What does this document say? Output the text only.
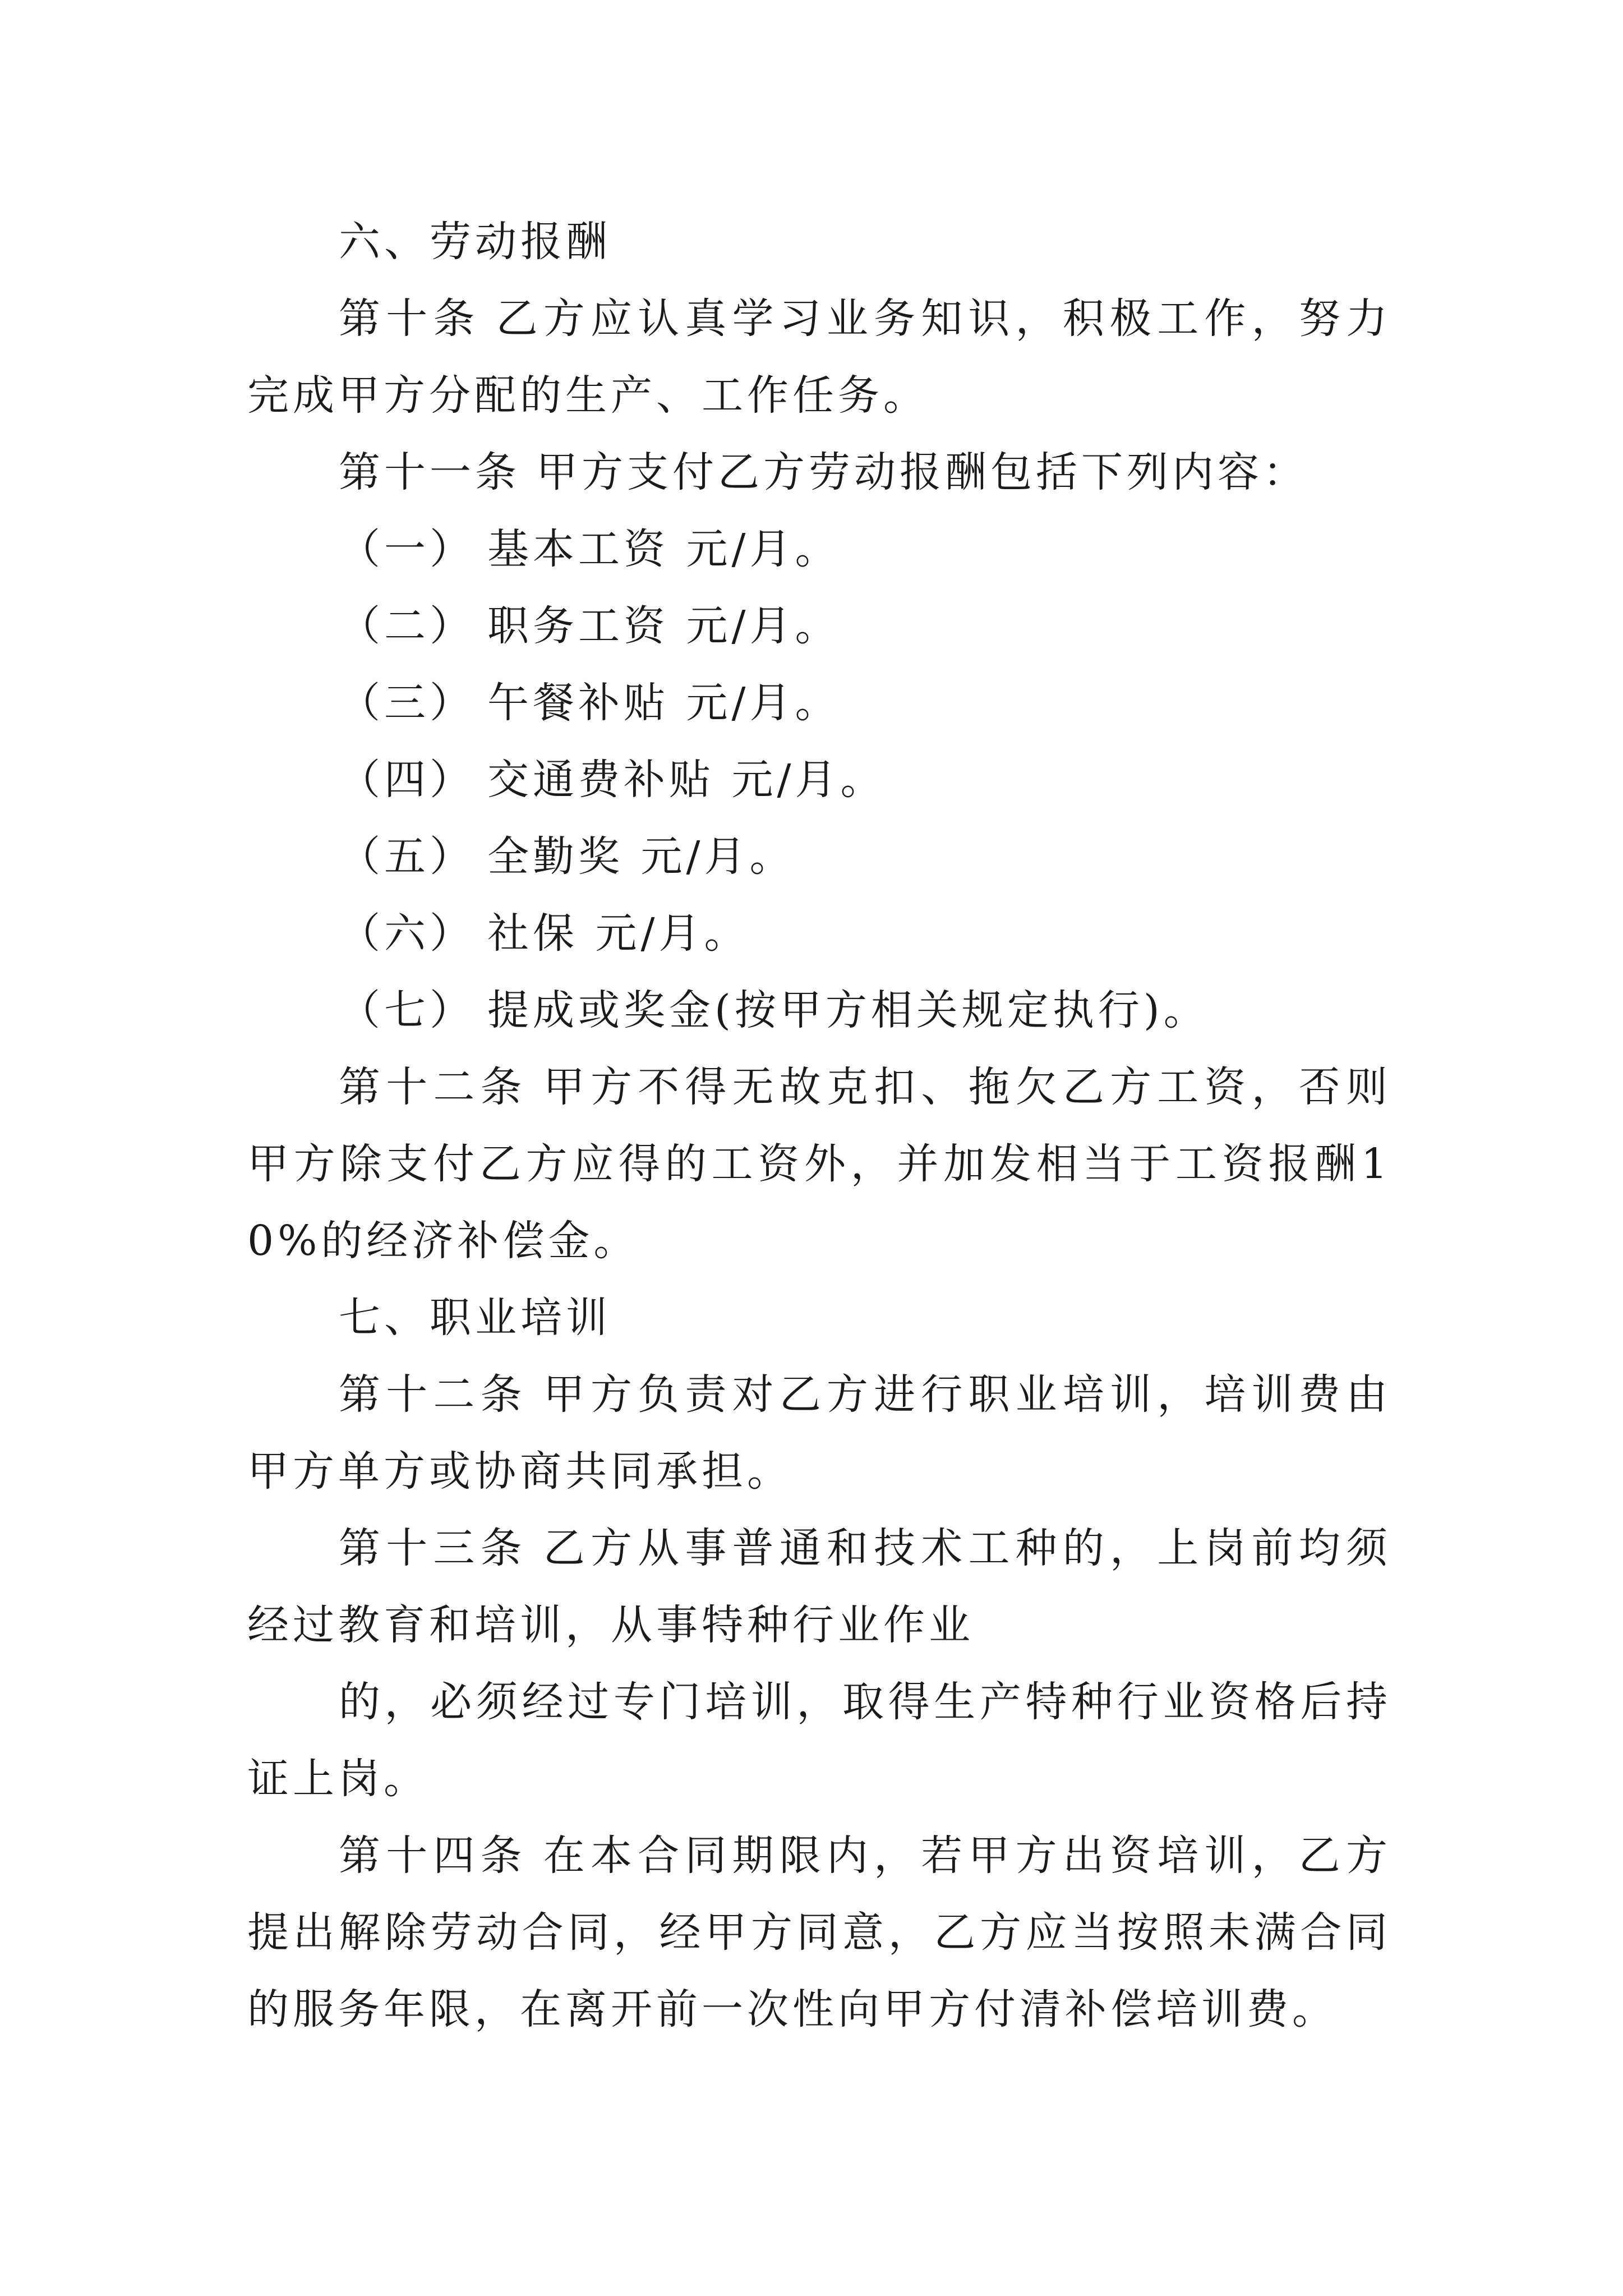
六、劳动报酬

第十条 乙方应认真学习业务知识，积极工作，努力完成甲方分配的生产、工作任务。

第十一条 甲方支付乙方劳动报酬包括下列内容：

（一） 基本工资 元/月。

（二） 职务工资 元/月。

（三） 午餐补贴 元/月。

（四） 交通费补贴 元/月。

（五） 全勤奖 元/月。

（六） 社保 元/月。

（七） 提成或奖金(按甲方相关规定执行)。

第十二条 甲方不得无故克扣、拖欠乙方工资，否则甲方除支付乙方应得的工资外，并加发相当于工资报酬10%的经济补偿金。

七、职业培训

第十二条 甲方负责对乙方进行职业培训，培训费由甲方单方或协商共同承担。

第十三条 乙方从事普通和技术工种的，上岗前均须经过教育和培训，从事特种行业作业

的，必须经过专门培训，取得生产特种行业资格后持证上岗。

第十四条 在本合同期限内，若甲方出资培训，乙方提出解除劳动合同，经甲方同意，乙方应当按照未满合同的服务年限，在离开前一次性向甲方付清补偿培训费。
